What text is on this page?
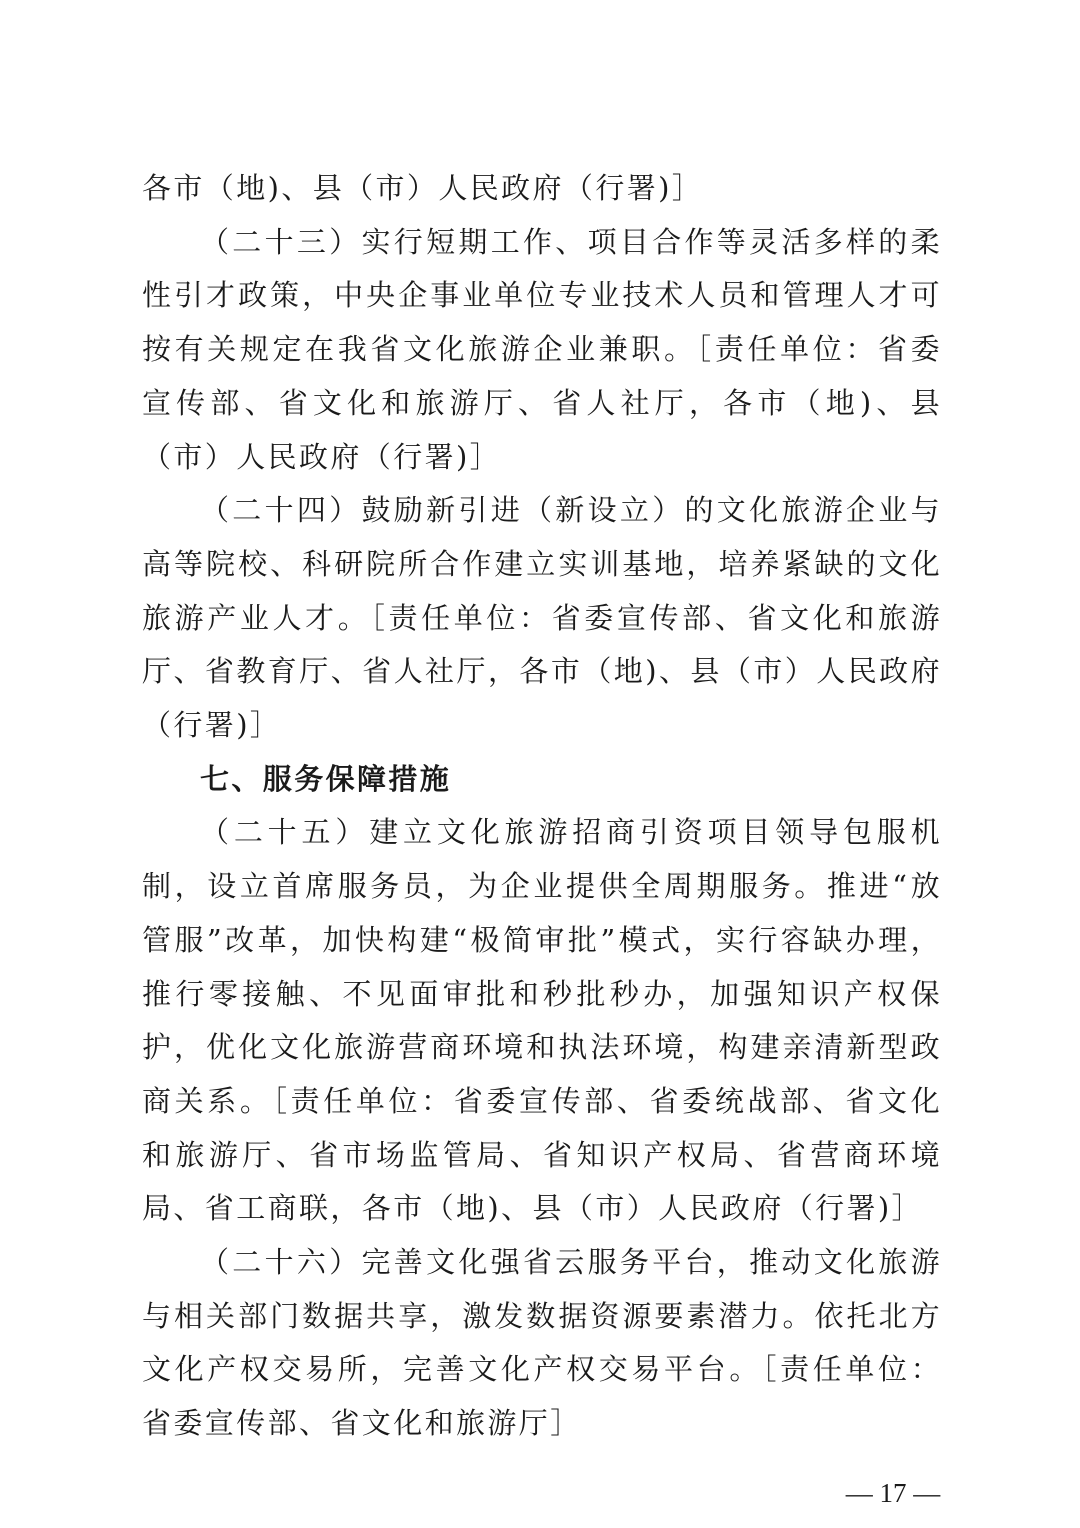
各市（地)、县（市）人民政府（行署)］

（二十三）实行短期工作、项目合作等灵活多样的柔性引才政策，中央企事业单位专业技术人员和管理人才可按有关规定在我省文化旅游企业兼职。［责任单位：省委宣传部、省文化和旅游厅、省人社厅，各市（地)、县（市）人民政府（行署)］

（二十四）鼓励新引进（新设立）的文化旅游企业与高等院校、科研院所合作建立实训基地，培养紧缺的文化旅游产业人才。［责任单位：省委宣传部、省文化和旅游厅、省教育厅、省人社厅，各市（地)、县（市）人民政府（行署)］

七、服务保障措施

（二十五）建立文化旅游招商引资项目领导包服机制，设立首席服务员，为企业提供全周期服务。推进“放管服”改革，加快构建“极简审批”模式，实行容缺办理，推行零接触、不见面审批和秒批秒办，加强知识产权保护，优化文化旅游营商环境和执法环境，构建亲清新型政商关系。［责任单位：省委宣传部、省委统战部、省文化和旅游厅、省市场监管局、省知识产权局、省营商环境局、省工商联，各市（地)、县（市）人民政府（行署)］

（二十六）完善文化强省云服务平台，推动文化旅游与相关部门数据共享，激发数据资源要素潜力。依托北方文化产权交易所，完善文化产权交易平台。［责任单位：省委宣传部、省文化和旅游厅］

— 17 —
